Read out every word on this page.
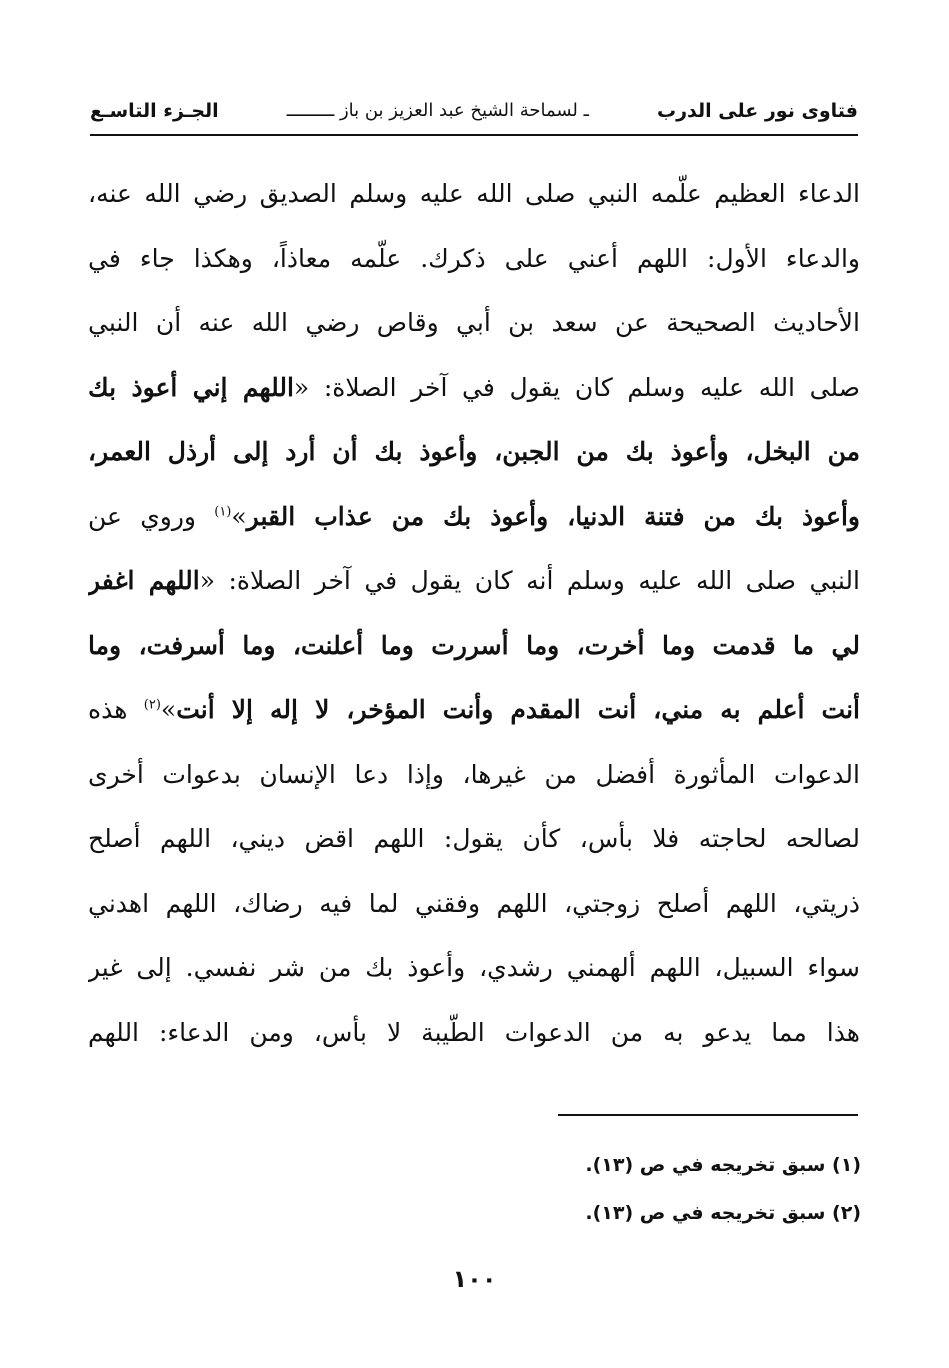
فتاوى نور على الدرب
ـ لسماحة الشيخ عبد العزيز بن باز ـــــــــ
الجـزء التاسـع
الدعاء العظيم علّمه النبي صلى الله عليه وسلم الصديق رضي الله عنه،
والدعاء الأول: اللهم أعني على ذكرك. علّمه معاذاً، وهكذا جاء في
الأحاديث الصحيحة عن سعد بن أبي وقاص رضي الله عنه أن النبي
صلى الله عليه وسلم كان يقول في آخر الصلاة: «اللهم إني أعوذ بك
من البخل، وأعوذ بك من الجبن، وأعوذ بك أن أرد إلى أرذل العمر،
وأعوذ بك من فتنة الدنيا، وأعوذ بك من عذاب القبر»$^{(١)}$ وروي عن
النبي صلى الله عليه وسلم أنه كان يقول في آخر الصلاة: «اللهم اغفر
لي ما قدمت وما أخرت، وما أسررت وما أعلنت، وما أسرفت، وما
أنت أعلم به مني، أنت المقدم وأنت المؤخر، لا إله إلا أنت»$^{(٢)}$ هذه
الدعوات المأثورة أفضل من غيرها، وإذا دعا الإنسان بدعوات أخرى
لصالحه لحاجته فلا بأس، كأن يقول: اللهم اقض ديني، اللهم أصلح
ذريتي، اللهم أصلح زوجتي، اللهم وفقني لما فيه رضاك، اللهم اهدني
سواء السبيل، اللهم ألهمني رشدي، وأعوذ بك من شر نفسي. إلى غير
هذا مما يدعو به من الدعوات الطّيبة لا بأس، ومن الدعاء: اللهم
(١) سبق تخريجه في ص (١٣).
(٢) سبق تخريجه في ص (١٣).
١٠٠
